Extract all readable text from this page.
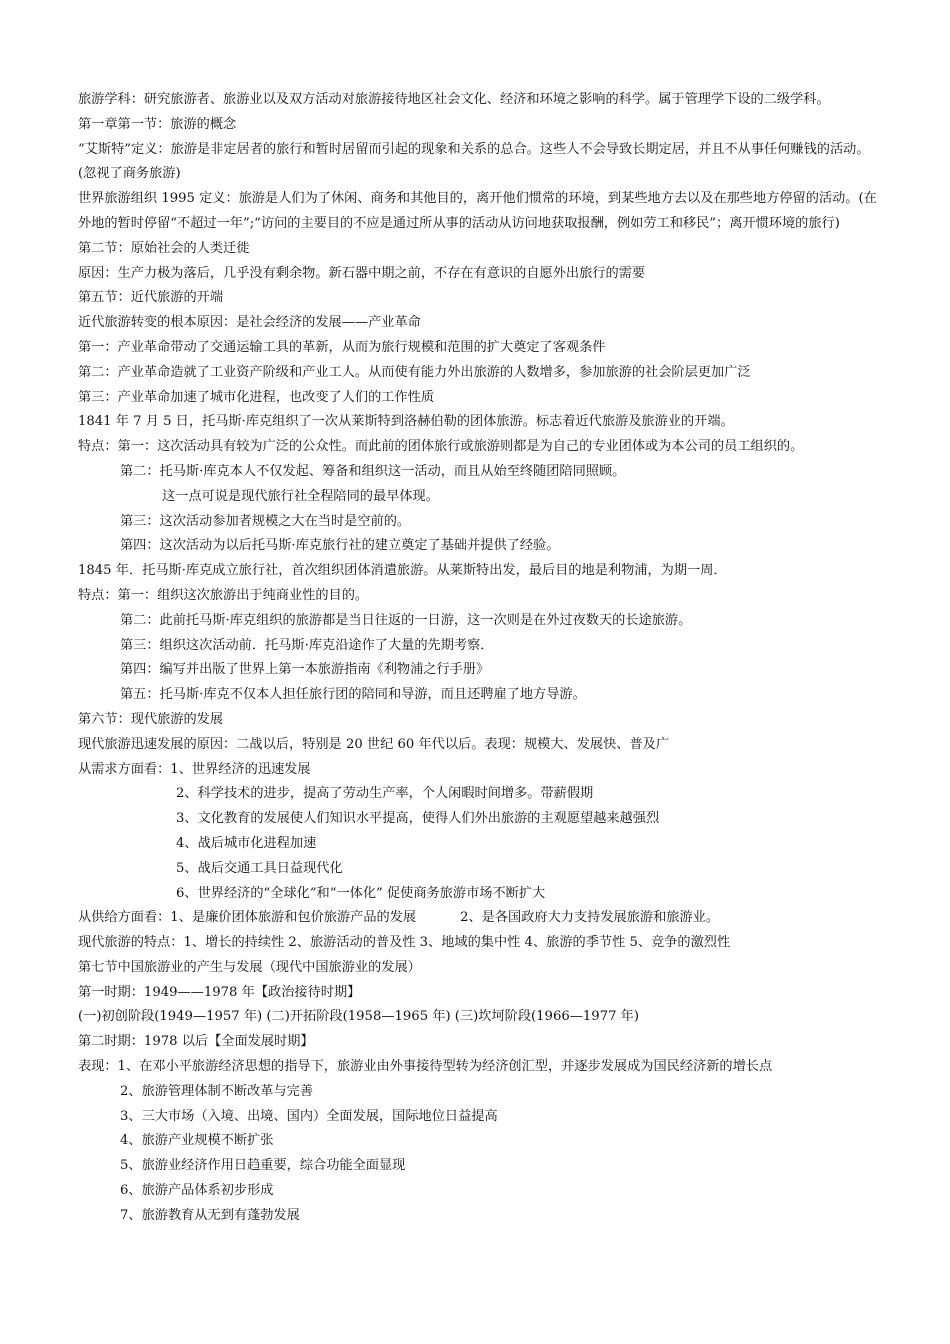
旅游学科：研究旅游者、旅游业以及双方活动对旅游接待地区社会文化、经济和环境之影响的科学。属于管理学下设的二级学科。

第一章第一节：旅游的概念

“艾斯特”定义：旅游是非定居者的旅行和暂时居留而引起的现象和关系的总合。这些人不会导致长期定居，并且不从事任何赚钱的活动。(忽视了商务旅游)

世界旅游组织 1995 定义：旅游是人们为了休闲、商务和其他目的，离开他们惯常的环境，到某些地方去以及在那些地方停留的活动。(在外地的暂时停留“不超过一年”;“访问的主要目的不应是通过所从事的活动从访问地获取报酬，例如劳工和移民”；离开惯环境的旅行)

第二节：原始社会的人类迁徙

原因：生产力极为落后，几乎没有剩余物。新石器中期之前，不存在有意识的自愿外出旅行的需要

第五节：近代旅游的开端

近代旅游转变的根本原因：是社会经济的发展——产业革命

第一：产业革命带动了交通运输工具的革新，从而为旅行规模和范围的扩大奠定了客观条件

第二：产业革命造就了工业资产阶级和产业工人。从而使有能力外出旅游的人数增多，参加旅游的社会阶层更加广泛

第三：产业革命加速了城市化进程，也改变了人们的工作性质

1841 年 7 月 5 日，托马斯·库克组织了一次从莱斯特到洛赫伯勒的团体旅游。标志着近代旅游及旅游业的开端。

特点：第一：这次活动具有较为广泛的公众性。而此前的团体旅行或旅游则都是为自己的专业团体或为本公司的员工组织的。

第二：托马斯·库克本人不仅发起、筹备和组织这一活动，而且从始至终随团陪同照顾。

这一点可说是现代旅行社全程陪同的最早体现。

第三：这次活动参加者规模之大在当时是空前的。

第四：这次活动为以后托马斯·库克旅行社的建立奠定了基础并提供了经验。

1845 年．托马斯·库克成立旅行社，首次组织团体消遣旅游。从莱斯特出发，最后目的地是利物浦，为期一周．

特点：第一：组织这次旅游出于纯商业性的目的。

第二：此前托马斯·库克组织的旅游都是当日往返的一日游，这一次则是在外过夜数天的长途旅游。

第三：组织这次活动前．托马斯·库克沿途作了大量的先期考察．

第四：编写并出版了世界上第一本旅游指南《利物浦之行手册》

第五：托马斯·库克不仅本人担任旅行团的陪同和导游，而且还聘雇了地方导游。

第六节：现代旅游的发展

现代旅游迅速发展的原因：二战以后，特别是 20 世纪 60 年代以后。表现：规模大、发展快、普及广

从需求方面看：1、世界经济的迅速发展

2、科学技术的进步，提高了劳动生产率，个人闲暇时间增多。带薪假期

3、文化教育的发展使人们知识水平提高，使得人们外出旅游的主观愿望越来越强烈

4、战后城市化进程加速

5、战后交通工具日益现代化

6、世界经济的“全球化”和“一体化” 促使商务旅游市场不断扩大

从供给方面看：1、是廉价团体旅游和包价旅游产品的发展	2、是各国政府大力支持发展旅游和旅游业。

现代旅游的特点：1、增长的持续性 2、旅游活动的普及性 3、地域的集中性 4、旅游的季节性 5、竞争的激烈性

第七节中国旅游业的产生与发展（现代中国旅游业的发展）

第一时期：1949——1978 年【政治接待时期】

(一)初创阶段(1949—1957 年) (二)开拓阶段(1958—1965 年) (三)坎坷阶段(1966—1977 年)

第二时期：1978 以后【全面发展时期】

表现：1、在邓小平旅游经济思想的指导下，旅游业由外事接待型转为经济创汇型，并逐步发展成为国民经济新的增长点

2、旅游管理体制不断改革与完善

3、三大市场（入境、出境、国内）全面发展，国际地位日益提高

4、旅游产业规模不断扩张

5、旅游业经济作用日趋重要，综合功能全面显现

6、旅游产品体系初步形成

7、旅游教育从无到有蓬勃发展
